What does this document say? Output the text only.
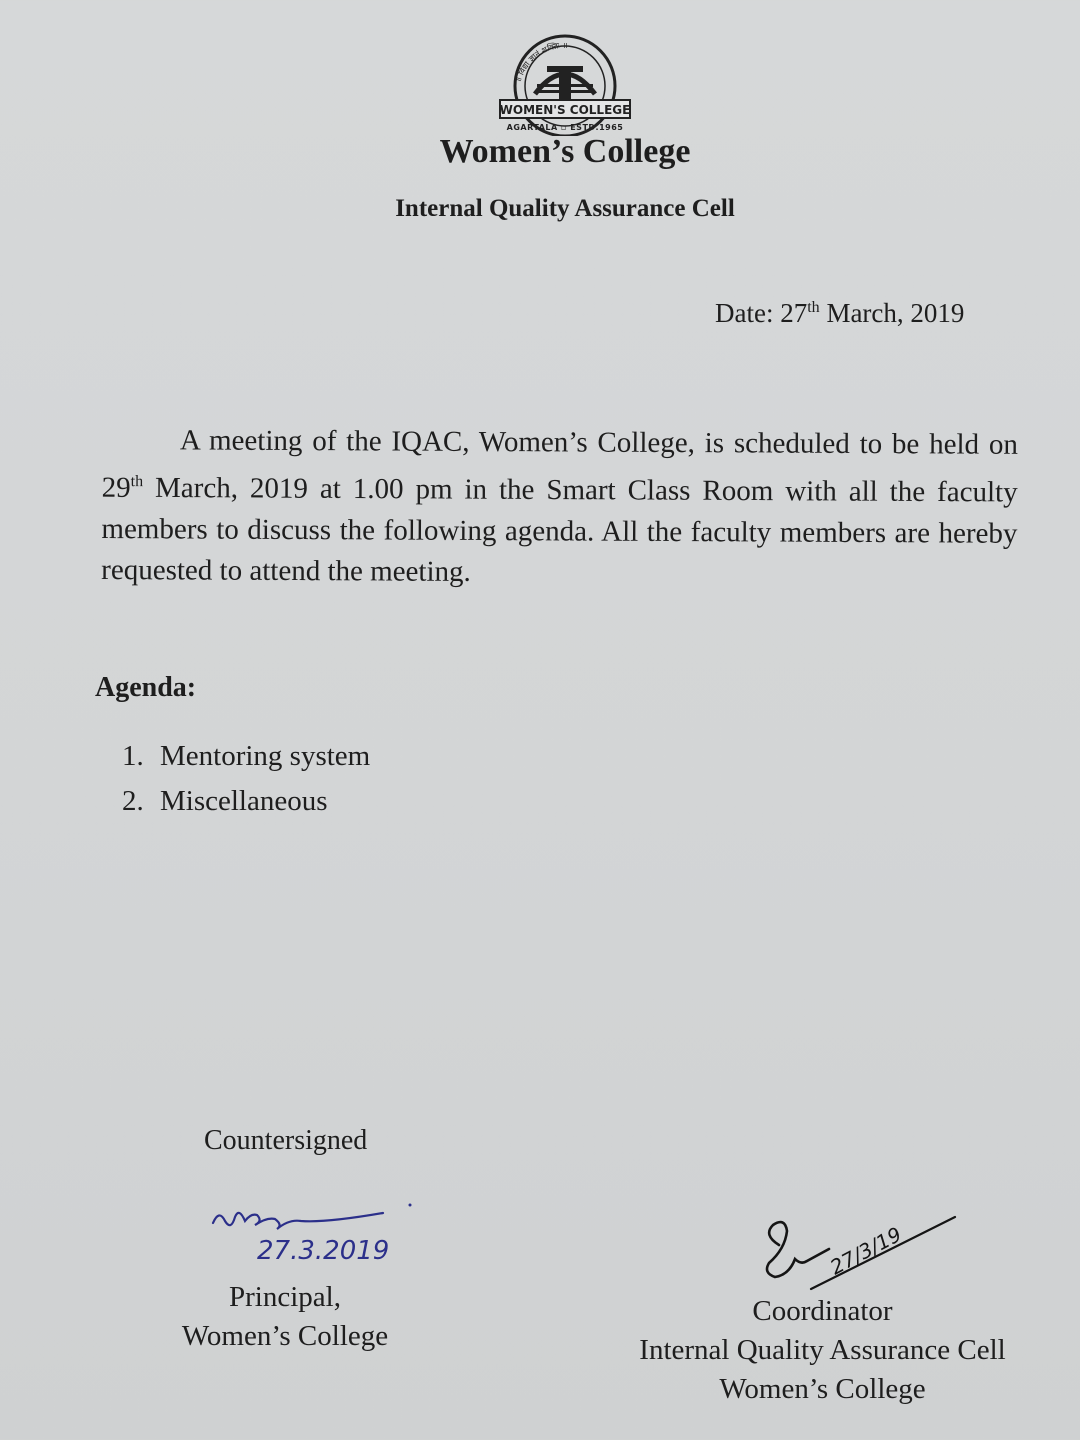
॥ विद्या ज्ञानं शक्तिः ॥
WOMEN'S COLLEGE
AGARTALA ▫ ESTD.1965
Women’s College
Internal Quality Assurance Cell
Date: 27th March, 2019
A meeting of the IQAC, Women’s College, is scheduled to be held on 29th March, 2019 at 1.00 pm in the Smart Class Room with all the faculty members to discuss the following agenda. All the faculty members are hereby requested to attend the meeting.
Agenda:
1. Mentoring system
2. Miscellaneous
Countersigned
27.3.2019
Principal,
Women’s College
27/3/19
Coordinator
Internal Quality Assurance Cell
Women’s College
